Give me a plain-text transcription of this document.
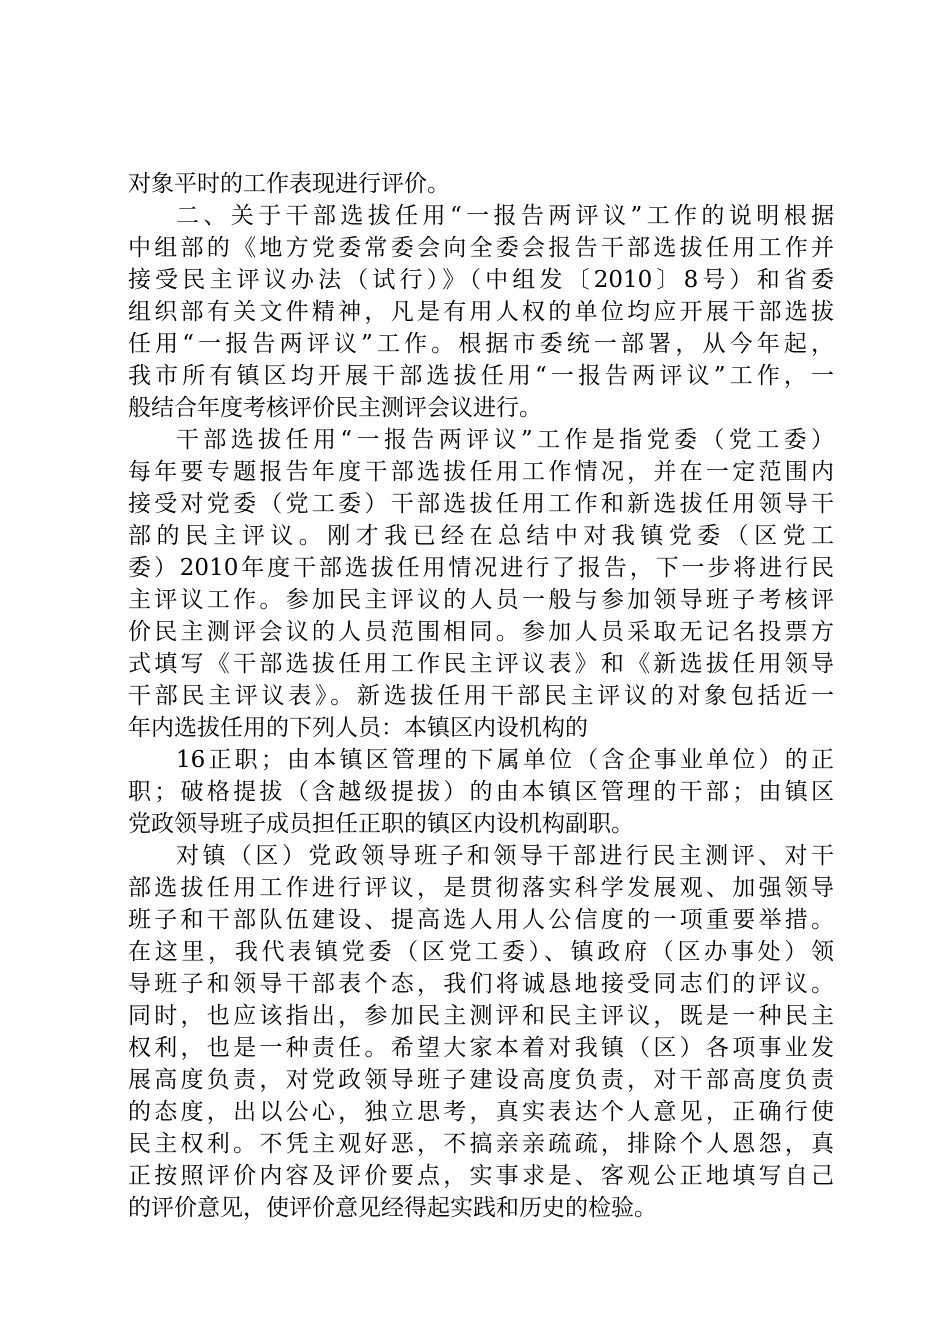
对象平时的工作表现进行评价。
二、关于干部选拔任用“一报告两评议”工作的说明根据
中组部的《地方党委常委会向全委会报告干部选拔任用工作并
接受民主评议办法（试行）》（中组发〔2010〕8号）和省委
组织部有关文件精神，凡是有用人权的单位均应开展干部选拔
任用“一报告两评议”工作。根据市委统一部署，从今年起，
我市所有镇区均开展干部选拔任用“一报告两评议”工作，一
般结合年度考核评价民主测评会议进行。
干部选拔任用“一报告两评议”工作是指党委（党工委）
每年要专题报告年度干部选拔任用工作情况，并在一定范围内
接受对党委（党工委）干部选拔任用工作和新选拔任用领导干
部的民主评议。刚才我已经在总结中对我镇党委（区党工
委）2010年度干部选拔任用情况进行了报告，下一步将进行民
主评议工作。参加民主评议的人员一般与参加领导班子考核评
价民主测评会议的人员范围相同。参加人员采取无记名投票方
式填写《干部选拔任用工作民主评议表》和《新选拔任用领导
干部民主评议表》。新选拔任用干部民主评议的对象包括近一
年内选拔任用的下列人员：本镇区内设机构的
16正职；由本镇区管理的下属单位（含企事业单位）的正
职；破格提拔（含越级提拔）的由本镇区管理的干部；由镇区
党政领导班子成员担任正职的镇区内设机构副职。
对镇（区）党政领导班子和领导干部进行民主测评、对干
部选拔任用工作进行评议，是贯彻落实科学发展观、加强领导
班子和干部队伍建设、提高选人用人公信度的一项重要举措。
在这里，我代表镇党委（区党工委）、镇政府（区办事处）领
导班子和领导干部表个态，我们将诚恳地接受同志们的评议。
同时，也应该指出，参加民主测评和民主评议，既是一种民主
权利，也是一种责任。希望大家本着对我镇（区）各项事业发
展高度负责，对党政领导班子建设高度负责，对干部高度负责
的态度，出以公心，独立思考，真实表达个人意见，正确行使
民主权利。不凭主观好恶，不搞亲亲疏疏，排除个人恩怨，真
正按照评价内容及评价要点，实事求是、客观公正地填写自己
的评价意见，使评价意见经得起实践和历史的检验。
